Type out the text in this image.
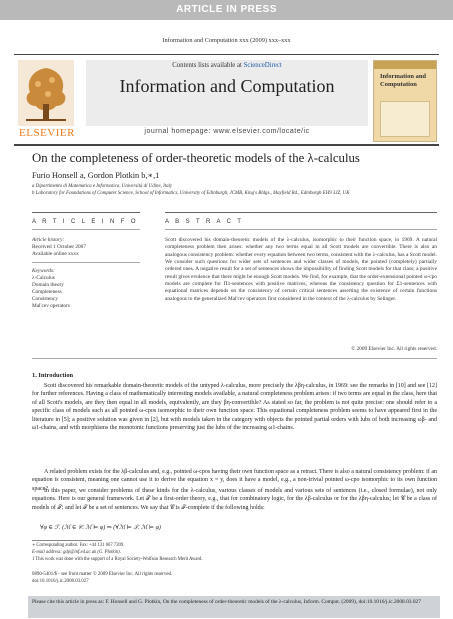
ARTICLE IN PRESS
Information and Computation xxx (2009) xxx–xxx
ELSEVIER
Contents lists available at ScienceDirect
Information and Computation
journal homepage: www.elsevier.com/locate/ic
Information and Computation
On the completeness of order-theoretic models of the λ-calculus
Furio Honsell a, Gordon Plotkin b,∗,1
a Dipartimento di Matematica e Informatica, Università di Udine, Italy
b Laboratory for Foundations of Computer Science, School of Informatics, University of Edinburgh, JCMB, King's Bldgs., Mayfield Rd., Edinburgh EH9 3JZ, UK
A R T I C L E I N F O	A B S T R A C T
Article history:
Received 1 October 2007
Available online xxxx
Keywords:
λ-Calculus
Domain theory
Completeness
Consistency
Mal'cev operators
Scott discovered his domain-theoretic models of the λ-calculus, isomorphic to their function space, in 1969. A natural completeness problem then arises: whether any two terms equal in all Scott models are convertible. There is also an analogous consistency problem: whether every equation between two terms, consistent with the λ-calculus, has a Scott model. We consider such questions for wider sets of sentences and wider classes of models, the pointed (completely) partially ordered ones. A negative result for a set of sentences shows the impossibility of finding Scott models for that class; a positive result gives evidence that there might be enough Scott models. We find, for example, that the order-extensional pointed ω-cpo models are complete for Π1-sentences with positive matrices, whereas the consistency question for Σ1-sentences with equational matrices depends on the consistency of certain critical sentences asserting the existence of certain functions analogous to the generalized Mal'cev operators first considered in the context of the λ-calculus by Selinger.
© 2009 Elsevier Inc. All rights reserved.
1. Introduction

Scott discovered his remarkable domain-theoretic models of the untyped λ-calculus, more precisely the λβη-calculus, in 1969: see the remarks in [10] and see [12] for further references. Having a class of mathematically interesting models available, a natural completeness problem arises: if two terms are equal in the class, here that of all Scott's models, are they then equal in all models, equivalently, are they βη-convertible? As stated so far, the problem is not quite precise: one should refer to a specific class of models such as all pointed ω-cpos isomorphic to their own function space. This equational completeness problem seems to have appeared first in the literature in [5]; a positive solution was given in [2], but with models taken in the category with objects the pointed partial orders with lubs of both increasing ωβ- and ω1-chains, and with morphisms the monotonic functions preserving just the lubs of the increasing ω1-chains.

A related problem exists for the λβ-calculus and, e.g., pointed ω-cpos having their own function space as a retract. There is also a natural consistency problem: if an equation is consistent, meaning one cannot use it to derive the equation x = y, does it have a model, e.g., a non-trivial pointed ω-cpo isomorphic to its own function space?

In this paper, we consider problems of these kinds for the λ-calculus, various classes of models and various sets of sentences (i.e., closed formulae), not only equations. Here is our general framework. Let 𝒯 be a first-order theory, e.g., that for combinatory logic, for the λβ-calculus or for the λβη-calculus; let 𝒞 be a class of models of 𝒯; and let ℱ be a set of sentences. We say that 𝒞 is ℱ-complete if the following holds:

∀φ ∈ ℱ. (ℳ ∈ 𝒞. ℳ ⊨ φ) ⇒ (∀ℳ ⊨ 𝒯. ℳ ⊨ φ)
∗ Corresponding author. Fax: +44 131 667 7209.
E-mail address: gdp@inf.ed.ac.uk (G. Plotkin).
1 This work was done with the support of a Royal Society-Wolfson Research Merit Award.
0890-5401/$ - see front matter © 2009 Elsevier Inc. All rights reserved.
doi:10.1016/j.ic.2008.03.027
Please cite this article in press as: F. Honsell and G. Plotkin, On the completeness of order-theoretic models of the λ-calculus, Inform. Comput. (2009), doi:10.1016/j.ic.2008.03.027
